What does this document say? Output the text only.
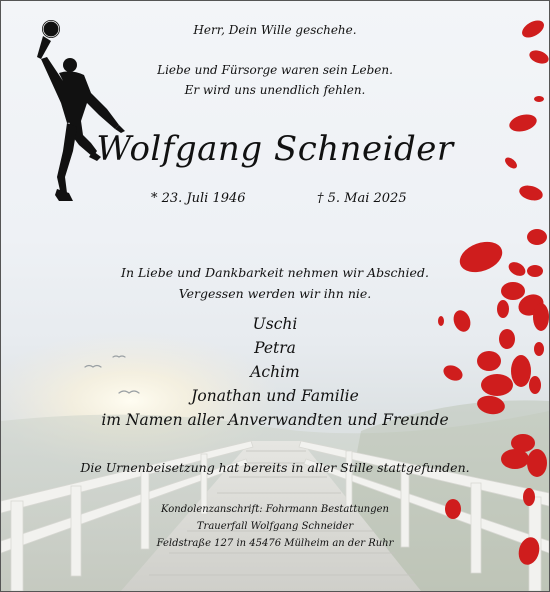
Herr, Dein Wille geschehe.
Liebe und Fürsorge waren sein Leben.
Er wird uns unendlich fehlen.
Wolfgang Schneider
* 23. Juli 1946	† 5. Mai 2025
In Liebe und Dankbarkeit nehmen wir Abschied.
Vergessen werden wir ihn nie.
Uschi
Petra
Achim
Jonathan und Familie
im Namen aller Anverwandten und Freunde
Die Urnenbeisetzung hat bereits in aller Stille stattgefunden.
Kondolenzanschrift: Fohrmann Bestattungen
Trauerfall Wolfgang Schneider
Feldstraße 127 in 45476 Mülheim an der Ruhr
